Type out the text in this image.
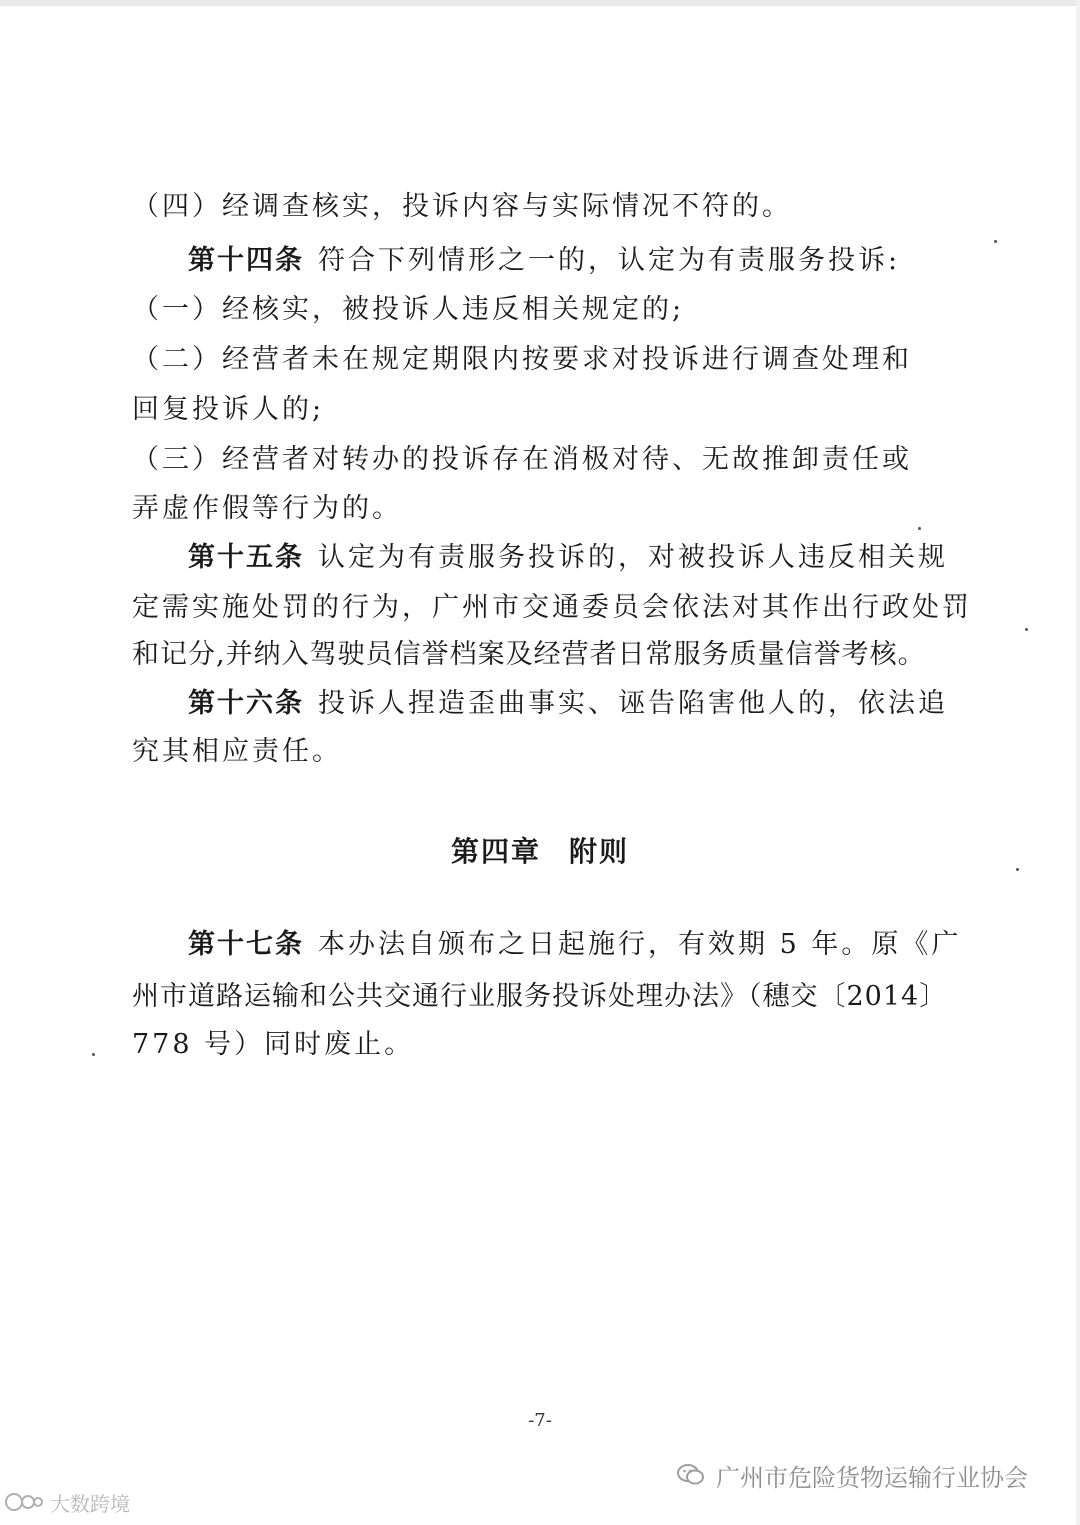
（四）经调查核实，投诉内容与实际情况不符的。
第十四条 符合下列情形之一的，认定为有责服务投诉:
（一）经核实，被投诉人违反相关规定的;
（二）经营者未在规定期限内按要求对投诉进行调查处理和
回复投诉人的;
（三）经营者对转办的投诉存在消极对待、无故推卸责任或
弄虚作假等行为的。
第十五条 认定为有责服务投诉的，对被投诉人违反相关规
定需实施处罚的行为，广州市交通委员会依法对其作出行政处罚
和记分,并纳入驾驶员信誉档案及经营者日常服务质量信誉考核。
第十六条 投诉人捏造歪曲事实、诬告陷害他人的，依法追
究其相应责任。
第四章 附则
第十七条 本办法自颁布之日起施行，有效期 5 年。原《广
州市道路运输和公共交通行业服务投诉处理办法》（穗交〔2014〕
778 号）同时废止。
-7-
广州市危险货物运输行业协会
大数跨境
